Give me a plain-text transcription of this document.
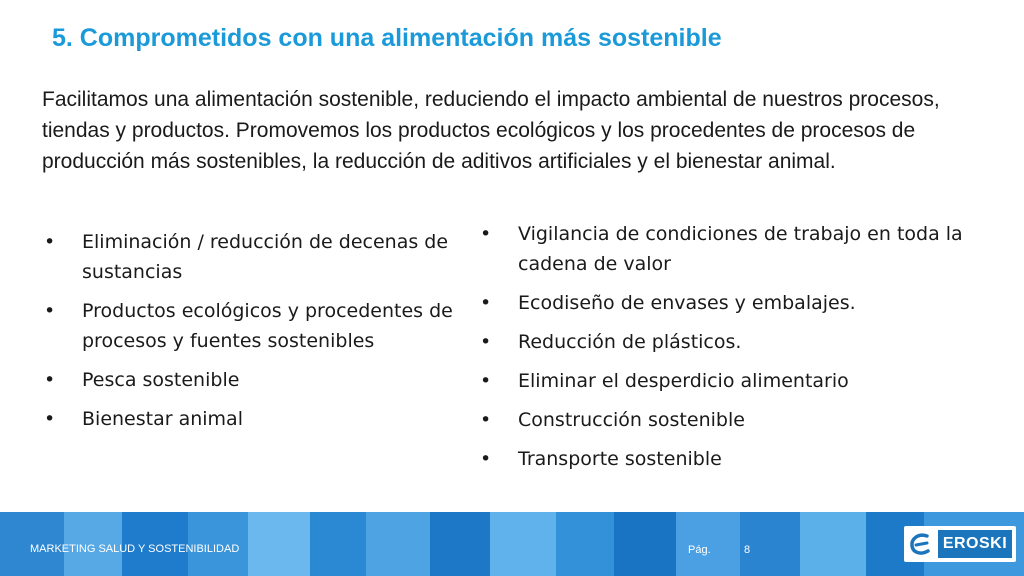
5. Comprometidos con una alimentación más sostenible
Facilitamos una alimentación sostenible, reduciendo el impacto ambiental de nuestros procesos, tiendas y productos. Promovemos los productos ecológicos y los procedentes de procesos de producción más sostenibles, la reducción de aditivos artificiales y el bienestar animal.
• Eliminación / reducción de decenas de sustancias
• Productos ecológicos y procedentes de procesos y fuentes sostenibles
• Pesca sostenible
• Bienestar animal
• Vigilancia de condiciones de trabajo en toda la cadena de valor
• Ecodiseño de envases y embalajes.
• Reducción de plásticos.
• Eliminar el desperdicio alimentario
• Construcción sostenible
• Transporte sostenible
MARKETING SALUD Y SOSTENIBILIDAD	Pág.	8	EROSKI
